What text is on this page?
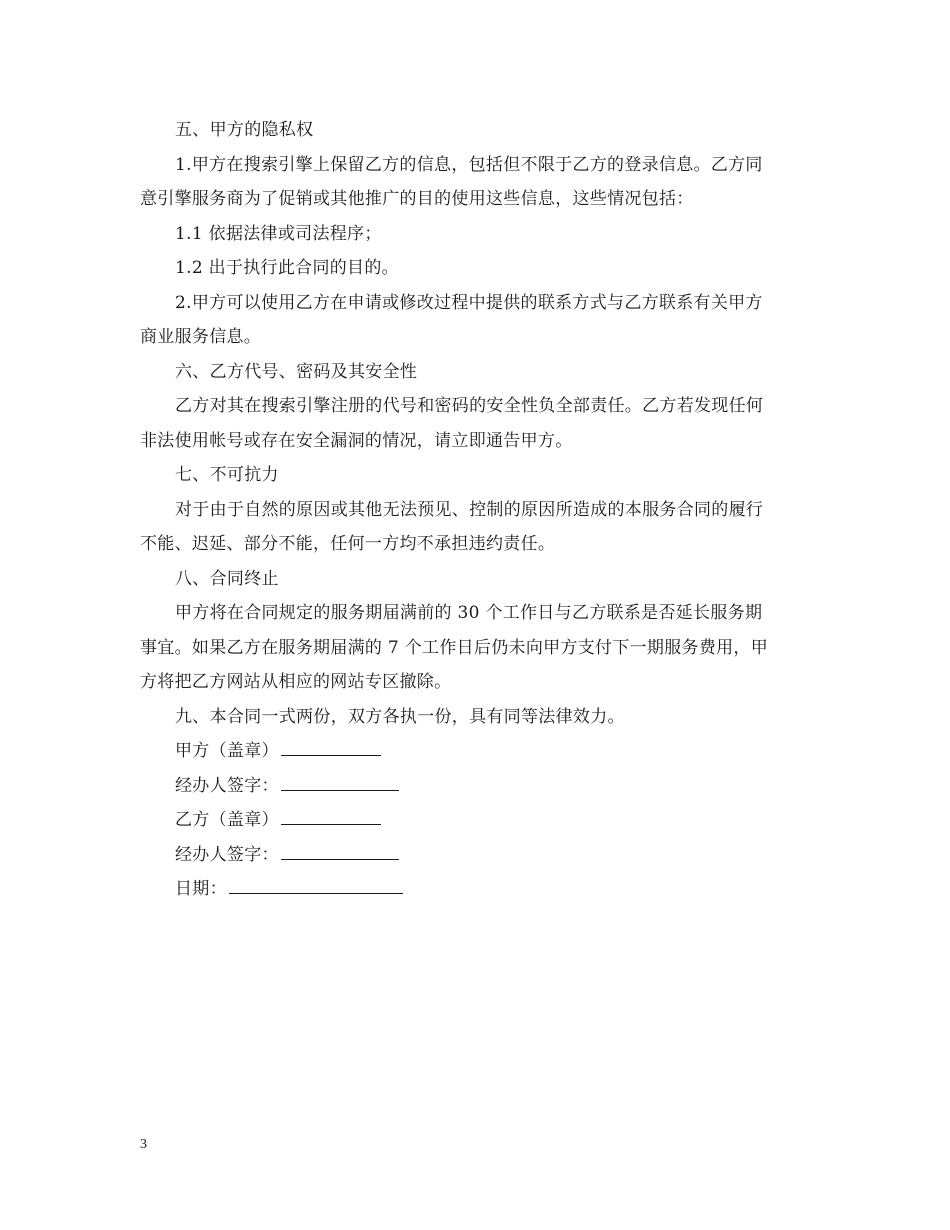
五、甲方的隐私权
1.甲方在搜索引擎上保留乙方的信息，包括但不限于乙方的登录信息。乙方同
意引擎服务商为了促销或其他推广的目的使用这些信息，这些情况包括：
1.1 依据法律或司法程序；
1.2 出于执行此合同的目的。
2.甲方可以使用乙方在申请或修改过程中提供的联系方式与乙方联系有关甲方
商业服务信息。
六、乙方代号、密码及其安全性
乙方对其在搜索引擎注册的代号和密码的安全性负全部责任。乙方若发现任何
非法使用帐号或存在安全漏洞的情况，请立即通告甲方。
七、不可抗力
对于由于自然的原因或其他无法预见、控制的原因所造成的本服务合同的履行
不能、迟延、部分不能，任何一方均不承担违约责任。
八、合同终止
甲方将在合同规定的服务期届满前的 30 个工作日与乙方联系是否延长服务期
事宜。如果乙方在服务期届满的 7 个工作日后仍未向甲方支付下一期服务费用，甲
方将把乙方网站从相应的网站专区撤除。
九、本合同一式两份，双方各执一份，具有同等法律效力。
甲方（盖章）
经办人签字：
乙方（盖章）
经办人签字：
日期：
3
